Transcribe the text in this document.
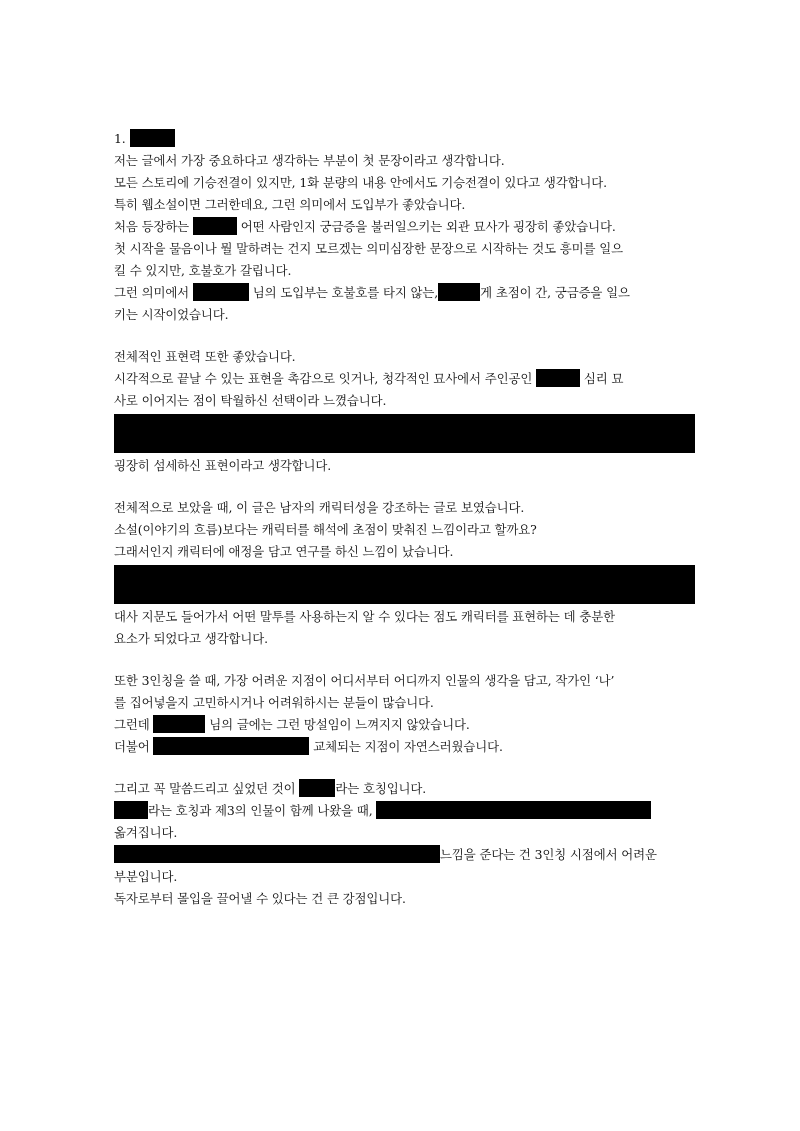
1.
저는 글에서 가장 중요하다고 생각하는 부분이 첫 문장이라고 생각합니다.
모든 스토리에 기승전결이 있지만, 1화 분량의 내용 안에서도 기승전결이 있다고 생각합니다.
특히 웹소설이면 그러한데요, 그런 의미에서 도입부가 좋았습니다.
처음 등장하는	어떤 사람인지 궁금증을 불러일으키는 외관 묘사가 굉장히 좋았습니다.
첫 시작을 물음이나 뭘 말하려는 건지 모르겠는 의미심장한 문장으로 시작하는 것도 흥미를 일으
킬 수 있지만, 호불호가 갈립니다.
그런 의미에서	님의 도입부는 호불호를 타지 않는,	게 초점이 간, 궁금증을 일으
키는 시작이었습니다.
전체적인 표현력 또한 좋았습니다.
시각적으로 끝날 수 있는 표현을 촉감으로 잇거나, 청각적인 묘사에서 주인공인	심리 묘
사로 이어지는 점이 탁월하신 선택이라 느꼈습니다.
굉장히 섬세하신 표현이라고 생각합니다.
전체적으로 보았을 때, 이 글은 남자의 캐릭터성을 강조하는 글로 보였습니다.
소설(이야기의 흐름)보다는 캐릭터를 해석에 초점이 맞춰진 느낌이라고 할까요?
그래서인지 캐릭터에 애정을 담고 연구를 하신 느낌이 났습니다.
대사 지문도 들어가서 어떤 말투를 사용하는지 알 수 있다는 점도 캐릭터를 표현하는 데 충분한
요소가 되었다고 생각합니다.
또한 3인칭을 쓸 때, 가장 어려운 지점이 어디서부터 어디까지 인물의 생각을 담고, 작가인 ‘나’
를 집어넣을지 고민하시거나 어려워하시는 분들이 많습니다.
그런데	님의 글에는 그런 망설임이 느껴지지 않았습니다.
더불어	교체되는 지점이 자연스러웠습니다.
그리고 꼭 말씀드리고 싶었던 것이	라는 호칭입니다.
라는 호칭과 제3의 인물이 함께 나왔을 때,
옮겨집니다.
느낌을 준다는 건 3인칭 시점에서 어려운
부분입니다.
독자로부터 몰입을 끌어낼 수 있다는 건 큰 강점입니다.
